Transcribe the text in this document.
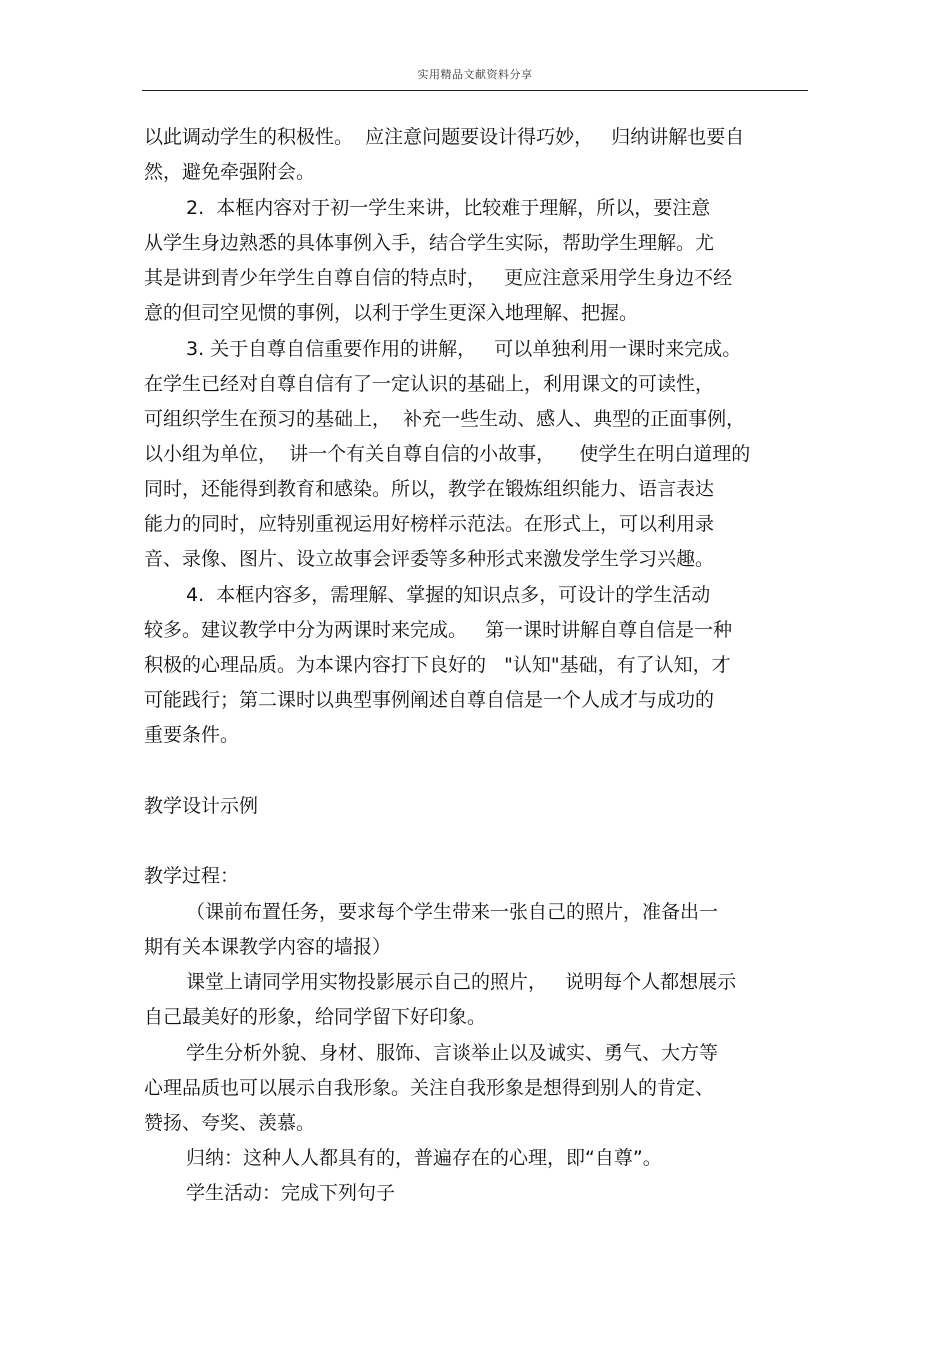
实用精品文献资料分享
以此调动学生的积极性。  应注意问题要设计得巧妙，   归纳讲解也要自
然，避免牵强附会。
2.  本框内容对于初一学生来讲，比较难于理解，所以，要注意
从学生身边熟悉的具体事例入手，结合学生实际，帮助学生理解。尤
其是讲到青少年学生自尊自信的特点时，   更应注意采用学生身边不经
意的但司空见惯的事例，以利于学生更深入地理解、把握。
3. 关于自尊自信重要作用的讲解，   可以单独利用一课时来完成。
在学生已经对自尊自信有了一定认识的基础上，利用课文的可读性，
可组织学生在预习的基础上，  补充一些生动、感人、典型的正面事例，
以小组为单位，  讲一个有关自尊自信的小故事，    使学生在明白道理的
同时，还能得到教育和感染。所以，教学在锻炼组织能力、语言表达
能力的同时，应特别重视运用好榜样示范法。在形式上，可以利用录
音、录像、图片、设立故事会评委等多种形式来激发学生学习兴趣。
4.  本框内容多，需理解、掌握的知识点多，可设计的学生活动
较多。建议教学中分为两课时来完成。   第一课时讲解自尊自信是一种
积极的心理品质。为本课内容打下良好的   "认知"基础，有了认知，才
可能践行；第二课时以典型事例阐述自尊自信是一个人成才与成功的
重要条件。
教学设计示例
教学过程：
（课前布置任务，要求每个学生带来一张自己的照片，准备出一
期有关本课教学内容的墙报）
课堂上请同学用实物投影展示自己的照片，   说明每个人都想展示
自己最美好的形象，给同学留下好印象。
学生分析外貌、身材、服饰、言谈举止以及诚实、勇气、大方等
心理品质也可以展示自我形象。关注自我形象是想得到别人的肯定、
赞扬、夸奖、羡慕。
归纳：这种人人都具有的，普遍存在的心理，即“自尊”。
学生活动：完成下列句子
